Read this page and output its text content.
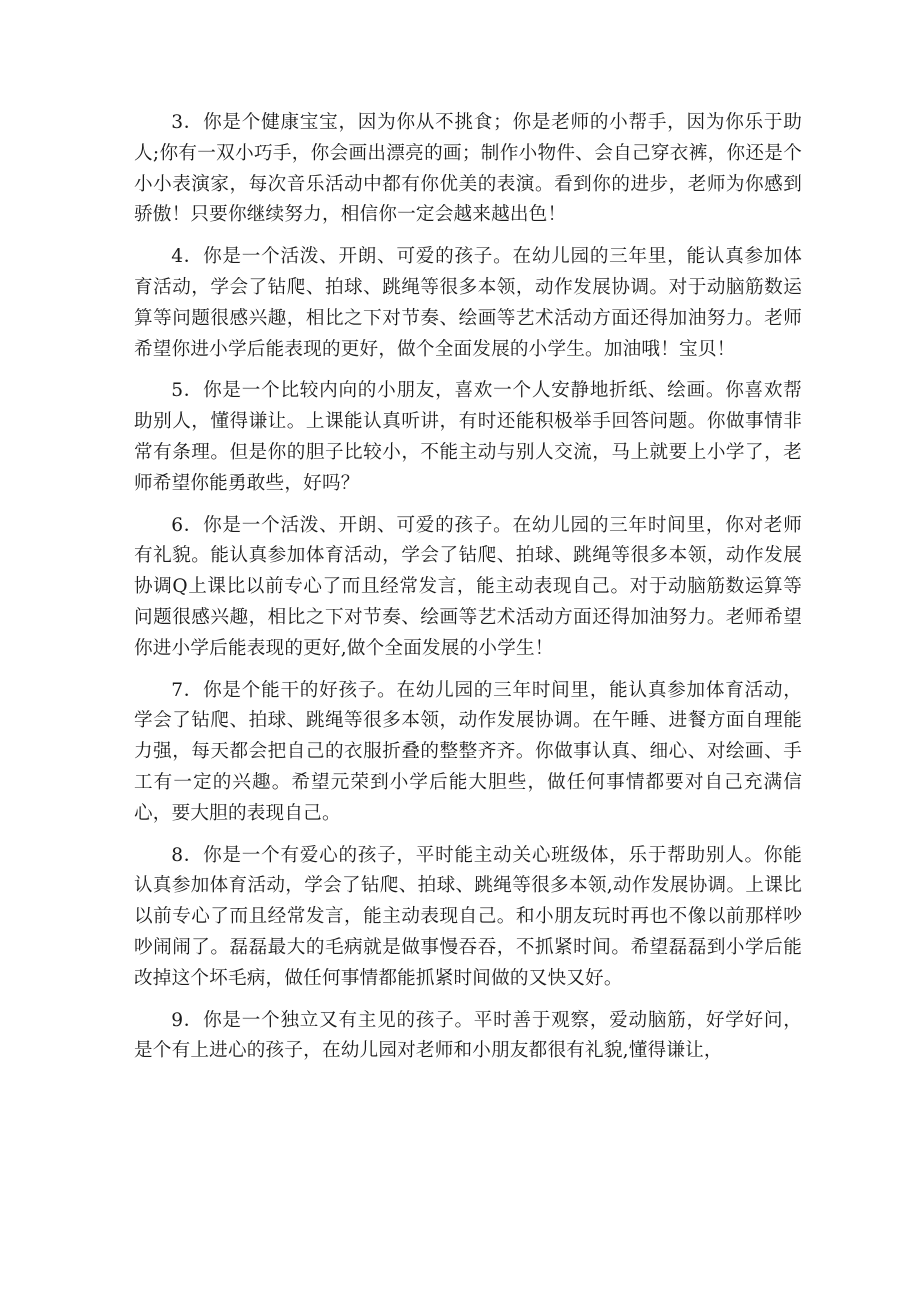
3．你是个健康宝宝，因为你从不挑食；你是老师的小帮手，因为你乐于助人;你有一双小巧手，你会画出漂亮的画；制作小物件、会自己穿衣裤，你还是个小小表演家，每次音乐活动中都有你优美的表演。看到你的进步，老师为你感到骄傲！只要你继续努力，相信你一定会越来越出色！

4．你是一个活泼、开朗、可爱的孩子。在幼儿园的三年里，能认真参加体育活动，学会了钻爬、拍球、跳绳等很多本领，动作发展协调。对于动脑筋数运算等问题很感兴趣，相比之下对节奏、绘画等艺术活动方面还得加油努力。老师希望你进小学后能表现的更好，做个全面发展的小学生。加油哦！宝贝！

5．你是一个比较内向的小朋友，喜欢一个人安静地折纸、绘画。你喜欢帮助别人，懂得谦让。上课能认真听讲，有时还能积极举手回答问题。你做事情非常有条理。但是你的胆子比较小，不能主动与别人交流，马上就要上小学了，老师希望你能勇敢些，好吗？

6．你是一个活泼、开朗、可爱的孩子。在幼儿园的三年时间里，你对老师有礼貌。能认真参加体育活动，学会了钻爬、拍球、跳绳等很多本领，动作发展协调Q上课比以前专心了而且经常发言，能主动表现自己。对于动脑筋数运算等问题很感兴趣，相比之下对节奏、绘画等艺术活动方面还得加油努力。老师希望你进小学后能表现的更好,做个全面发展的小学生！

7．你是个能干的好孩子。在幼儿园的三年时间里，能认真参加体育活动，学会了钻爬、拍球、跳绳等很多本领，动作发展协调。在午睡、进餐方面自理能力强，每天都会把自己的衣服折叠的整整齐齐。你做事认真、细心、对绘画、手工有一定的兴趣。希望元荣到小学后能大胆些，做任何事情都要对自己充满信心，要大胆的表现自己。

8．你是一个有爱心的孩子，平时能主动关心班级体，乐于帮助别人。你能认真参加体育活动，学会了钻爬、拍球、跳绳等很多本领,动作发展协调。上课比以前专心了而且经常发言，能主动表现自己。和小朋友玩时再也不像以前那样吵吵闹闹了。磊磊最大的毛病就是做事慢吞吞，不抓紧时间。希望磊磊到小学后能改掉这个坏毛病，做任何事情都能抓紧时间做的又快又好。

9．你是一个独立又有主见的孩子。平时善于观察，爱动脑筋，好学好问，是个有上进心的孩子，在幼儿园对老师和小朋友都很有礼貌,懂得谦让，
